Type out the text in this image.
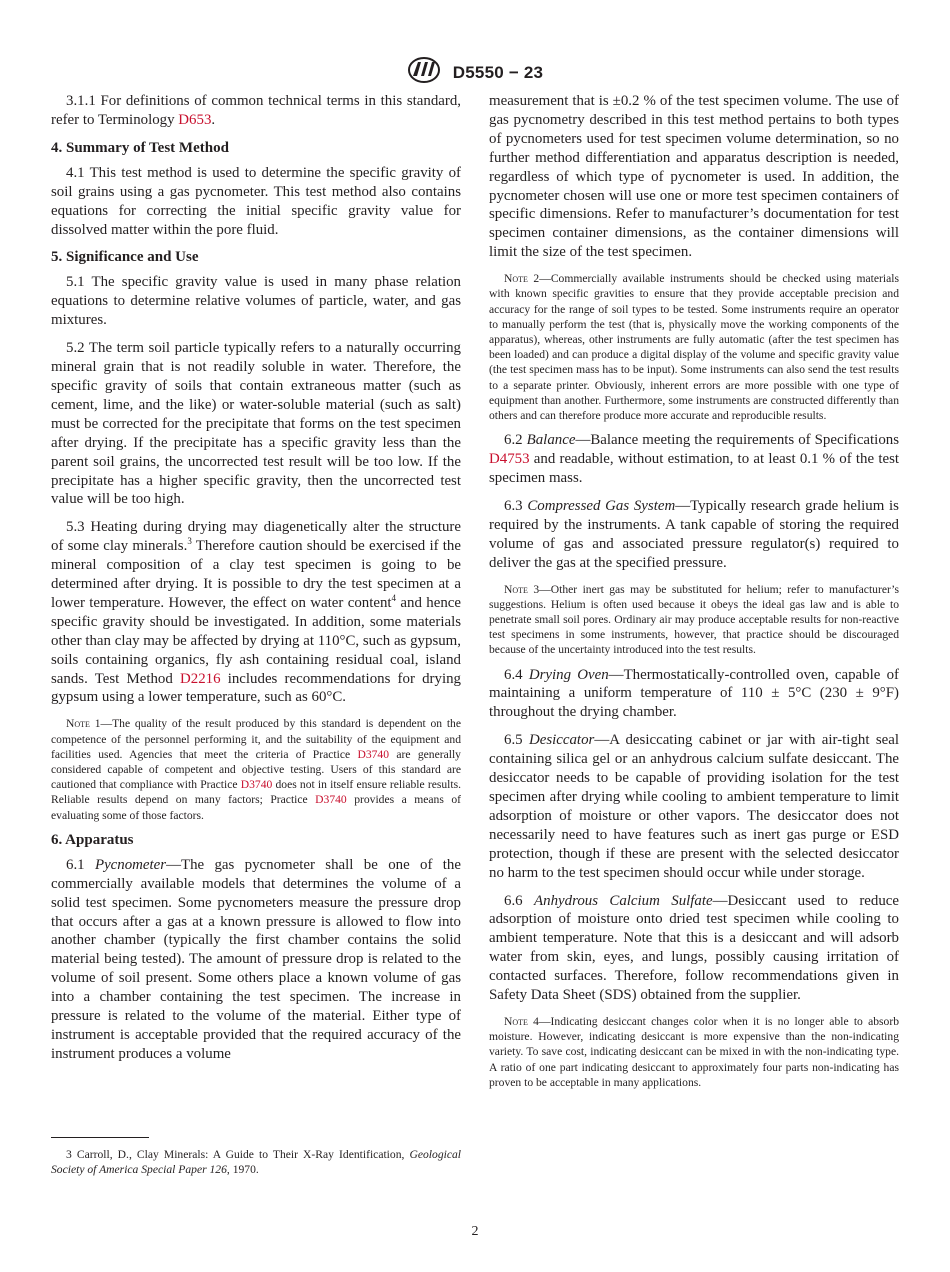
D5550 − 23

3.1.1 For definitions of common technical terms in this standard, refer to Terminology D653.

4. Summary of Test Method

4.1 This test method is used to determine the specific gravity of soil grains using a gas pycnometer. This test method also contains equations for correcting the initial specific gravity value for dissolved matter within the pore fluid.

5. Significance and Use

5.1 The specific gravity value is used in many phase relation equations to determine relative volumes of particle, water, and gas mixtures.

5.2 The term soil particle typically refers to a naturally occurring mineral grain that is not readily soluble in water. Therefore, the specific gravity of soils that contain extraneous matter (such as cement, lime, and the like) or water-soluble material (such as salt) must be corrected for the precipitate that forms on the test specimen after drying. If the precipitate has a specific gravity less than the parent soil grains, the uncorrected test result will be too low. If the precipitate has a higher specific gravity, then the uncorrected test value will be too high.

5.3 Heating during drying may diagenetically alter the structure of some clay minerals.$^3$ Therefore caution should be exercised if the mineral composition of a clay test specimen is going to be determined after drying. It is possible to dry the test specimen at a lower temperature. However, the effect on water content$^4$ and hence specific gravity should be investigated. In addition, some materials other than clay may be affected by drying at 110°C, such as gypsum, soils containing organics, fly ash containing residual coal, island sands. Test Method D2216 includes recommendations for drying gypsum using a lower temperature, such as 60°C.

Note 1—The quality of the result produced by this standard is dependent on the competence of the personnel performing it, and the suitability of the equipment and facilities used. Agencies that meet the criteria of Practice D3740 are generally considered capable of competent and objective testing. Users of this standard are cautioned that compliance with Practice D3740 does not in itself ensure reliable results. Reliable results depend on many factors; Practice D3740 provides a means of evaluating some of those factors.

6. Apparatus

6.1 Pycnometer—The gas pycnometer shall be one of the commercially available models that determines the volume of a solid test specimen. Some pycnometers measure the pressure drop that occurs after a gas at a known pressure is allowed to flow into another chamber (typically the first chamber contains the solid material being tested). The amount of pressure drop is related to the volume of soil present. Some others place a known volume of gas into a chamber containing the test specimen. The increase in pressure is related to the volume of the material. Either type of instrument is acceptable provided that the required accuracy of the instrument produces a volume

3 Carroll, D., Clay Minerals: A Guide to Their X-Ray Identification, Geological Society of America Special Paper 126, 1970.

measurement that is ±0.2 % of the test specimen volume. The use of gas pycnometry described in this test method pertains to both types of pycnometers used for test specimen volume determination, so no further method differentiation and apparatus description is needed, regardless of which type of pycnometer is used. In addition, the pycnometer chosen will use one or more test specimen containers of specific dimensions. Refer to manufacturer’s documentation for test specimen container dimensions, as the container dimensions will limit the size of the test specimen.

Note 2—Commercially available instruments should be checked using materials with known specific gravities to ensure that they provide acceptable precision and accuracy for the range of soil types to be tested. Some instruments require an operator to manually perform the test (that is, physically move the working components of the apparatus), whereas, other instruments are fully automatic (after the test specimen has been loaded) and can produce a digital display of the volume and specific gravity value (the test specimen mass has to be input). Some instruments can also send the test results to a separate printer. Obviously, inherent errors are more possible with one type of equipment than another. Furthermore, some instruments are constructed differently than others and can therefore produce more accurate and reproducible results.

6.2 Balance—Balance meeting the requirements of Specifications D4753 and readable, without estimation, to at least 0.1 % of the test specimen mass.

6.3 Compressed Gas System—Typically research grade helium is required by the instruments. A tank capable of storing the required volume of gas and associated pressure regulator(s) required to deliver the gas at the specified pressure.

Note 3—Other inert gas may be substituted for helium; refer to manufacturer’s suggestions. Helium is often used because it obeys the ideal gas law and is able to penetrate small soil pores. Ordinary air may produce acceptable results for non-reactive test specimens in some instruments, however, that practice should be discouraged because of the uncertainty introduced into the test results.

6.4 Drying Oven—Thermostatically-controlled oven, capable of maintaining a uniform temperature of 110 ± 5°C (230 ± 9°F) throughout the drying chamber.

6.5 Desiccator—A desiccating cabinet or jar with air-tight seal containing silica gel or an anhydrous calcium sulfate desiccant. The desiccator needs to be capable of providing isolation for the test specimen after drying while cooling to ambient temperature to limit adsorption of moisture or other vapors. The desiccator does not necessarily need to have features such as inert gas purge or ESD protection, though if these are present with the selected desiccator no harm to the test specimen should occur while under storage.

6.6 Anhydrous Calcium Sulfate—Desiccant used to reduce adsorption of moisture onto dried test specimen while cooling to ambient temperature. Note that this is a desiccant and will adsorb water from skin, eyes, and lungs, possibly causing irritation of contacted surfaces. Therefore, follow recommendations given in Safety Data Sheet (SDS) obtained from the supplier.

Note 4—Indicating desiccant changes color when it is no longer able to absorb moisture. However, indicating desiccant is more expensive than the non-indicating variety. To save cost, indicating desiccant can be mixed in with the non-indicating type. A ratio of one part indicating desiccant to approximately four parts non-indicating has proven to be acceptable in many applications.

2
